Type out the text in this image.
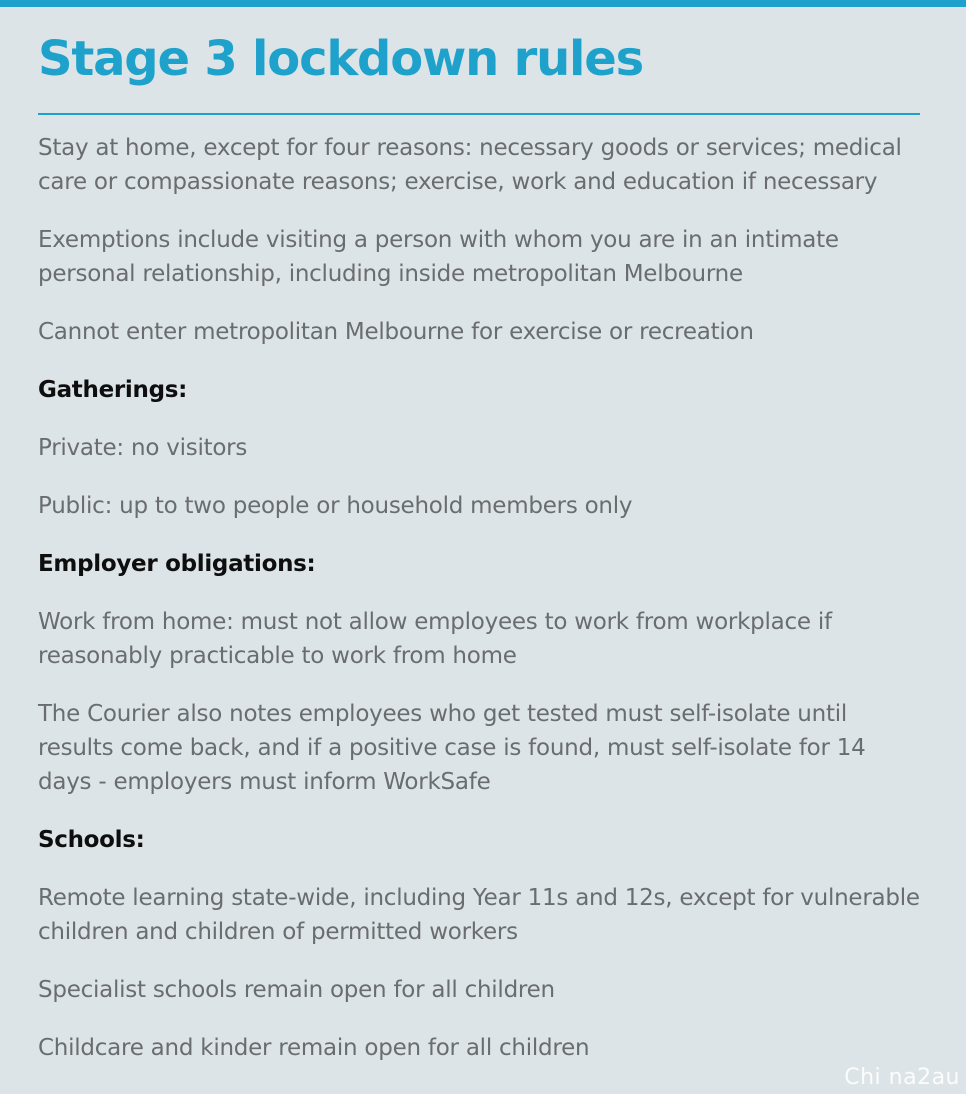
Stage 3 lockdown rules

Stay at home, except for four reasons: necessary goods or services; medical care or compassionate reasons; exercise, work and education if necessary

Exemptions include visiting a person with whom you are in an intimate personal relationship, including inside metropolitan Melbourne

Cannot enter metropolitan Melbourne for exercise or recreation

Gatherings:

Private: no visitors

Public: up to two people or household members only

Employer obligations:

Work from home: must not allow employees to work from workplace if reasonably practicable to work from home

The Courier also notes employees who get tested must self-isolate until results come back, and if a positive case is found, must self-isolate for 14 days - employers must inform WorkSafe

Schools:

Remote learning state-wide, including Year 11s and 12s, except for vulnerable children and children of permitted workers

Specialist schools remain open for all children

Childcare and kinder remain open for all children

Chi na2au
